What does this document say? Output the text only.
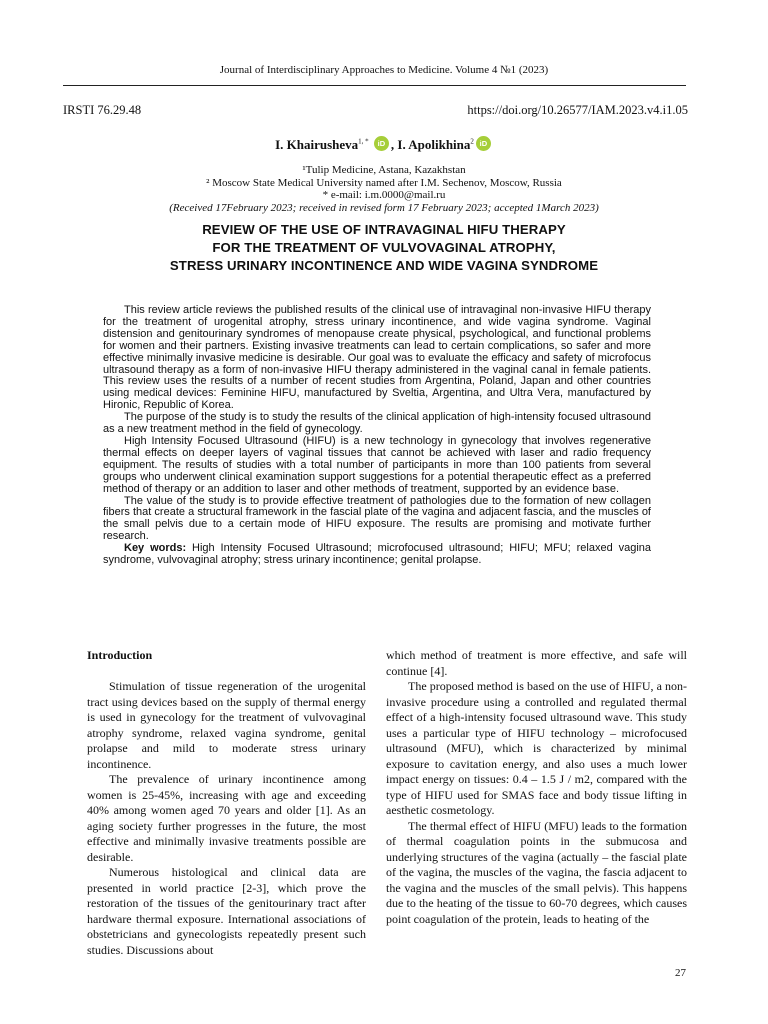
Journal of Interdisciplinary Approaches to Medicine. Volume 4 №1 (2023)
IRSTI 76.29.48	https://doi.org/10.26577/IAM.2023.v4.i1.05
I. Khairusheva$^{1, *}$ iD , I. Apolikhina$^2$ iD
¹Tulip Medicine, Astana, Kazakhstan
² Moscow State Medical University named after I.M. Sechenov, Moscow, Russia
* e-mail: i.m.0000@mail.ru
(Received 17February 2023; received in revised form 17 February 2023; accepted 1March 2023)
REVIEW OF THE USE OF INTRAVAGINAL HIFU THERAPY
FOR THE TREATMENT OF VULVOVAGINAL ATROPHY,
STRESS URINARY INCONTINENCE AND WIDE VAGINA SYNDROME

This review article reviews the published results of the clinical use of intravaginal non-invasive HIFU therapy for the treatment of urogenital atrophy, stress urinary incontinence, and wide vagina syndrome. Vaginal distension and genitourinary syndromes of menopause create physical, psychological, and functional problems for women and their partners. Existing invasive treatments can lead to certain complications, so safer and more effective minimally invasive medicine is desirable. Our goal was to evaluate the efficacy and safety of microfocus ultrasound therapy as a form of non-invasive HIFU therapy administered in the vaginal canal in female patients. This review uses the results of a number of recent studies from Argentina, Poland, Japan and other countries using medical devices: Feminine HIFU, manufactured by Sveltia, Argentina, and Ultra Vera, manufactured by Hironic, Republic of Korea.

The purpose of the study is to study the results of the clinical application of high-intensity focused ultrasound as a new treatment method in the field of gynecology.

High Intensity Focused Ultrasound (HIFU) is a new technology in gynecology that involves regenerative thermal effects on deeper layers of vaginal tissues that cannot be achieved with laser and radio frequency equipment. The results of studies with a total number of participants in more than 100 patients from several groups who underwent clinical examination support suggestions for a potential therapeutic effect as a preferred method of therapy or an addition to laser and other methods of treatment, supported by an evidence base.

The value of the study is to provide effective treatment of pathologies due to the formation of new collagen fibers that create a structural framework in the fascial plate of the vagina and adjacent fascia, and the muscles of the small pelvis due to a certain mode of HIFU exposure. The results are promising and motivate further research.

Key words: High Intensity Focused Ultrasound; microfocused ultrasound; HIFU; MFU; relaxed vagina syndrome, vulvovaginal atrophy; stress urinary incontinence; genital prolapse.

Introduction

Stimulation of tissue regeneration of the urogenital tract using devices based on the supply of thermal energy is used in gynecology for the treatment of vulvovaginal atrophy syndrome, relaxed vagina syndrome, genital prolapse and mild to moderate stress urinary incontinence.

The prevalence of urinary incontinence among women is 25-45%, increasing with age and exceeding 40% among women aged 70 years and older [1]. As an aging society further progresses in the future, the most effective and minimally invasive treatments possible are desirable.

Numerous histological and clinical data are presented in world practice [2-3], which prove the restoration of the tissues of the genitourinary tract after hardware thermal exposure. International associations of obstetricians and gynecologists repeatedly present such studies. Discussions about

which method of treatment is more effective, and safe will continue [4].

The proposed method is based on the use of HIFU, a non-invasive procedure using a controlled and regulated thermal effect of a high-intensity focused ultrasound wave. This study uses a particular type of HIFU technology – microfocused ultrasound (MFU), which is characterized by minimal exposure to cavitation energy, and also uses a much lower impact energy on tissues: 0.4 – 1.5 J / m2, compared with the type of HIFU used for SMAS face and body tissue lifting in aesthetic cosmetology.

The thermal effect of HIFU (MFU) leads to the formation of thermal coagulation points in the submucosa and underlying structures of the vagina (actually – the fascial plate of the vagina, the muscles of the vagina, the fascia adjacent to the vagina and the muscles of the small pelvis). This happens due to the heating of the tissue to 60-70 degrees, which causes point coagulation of the protein, leads to heating of the

27
